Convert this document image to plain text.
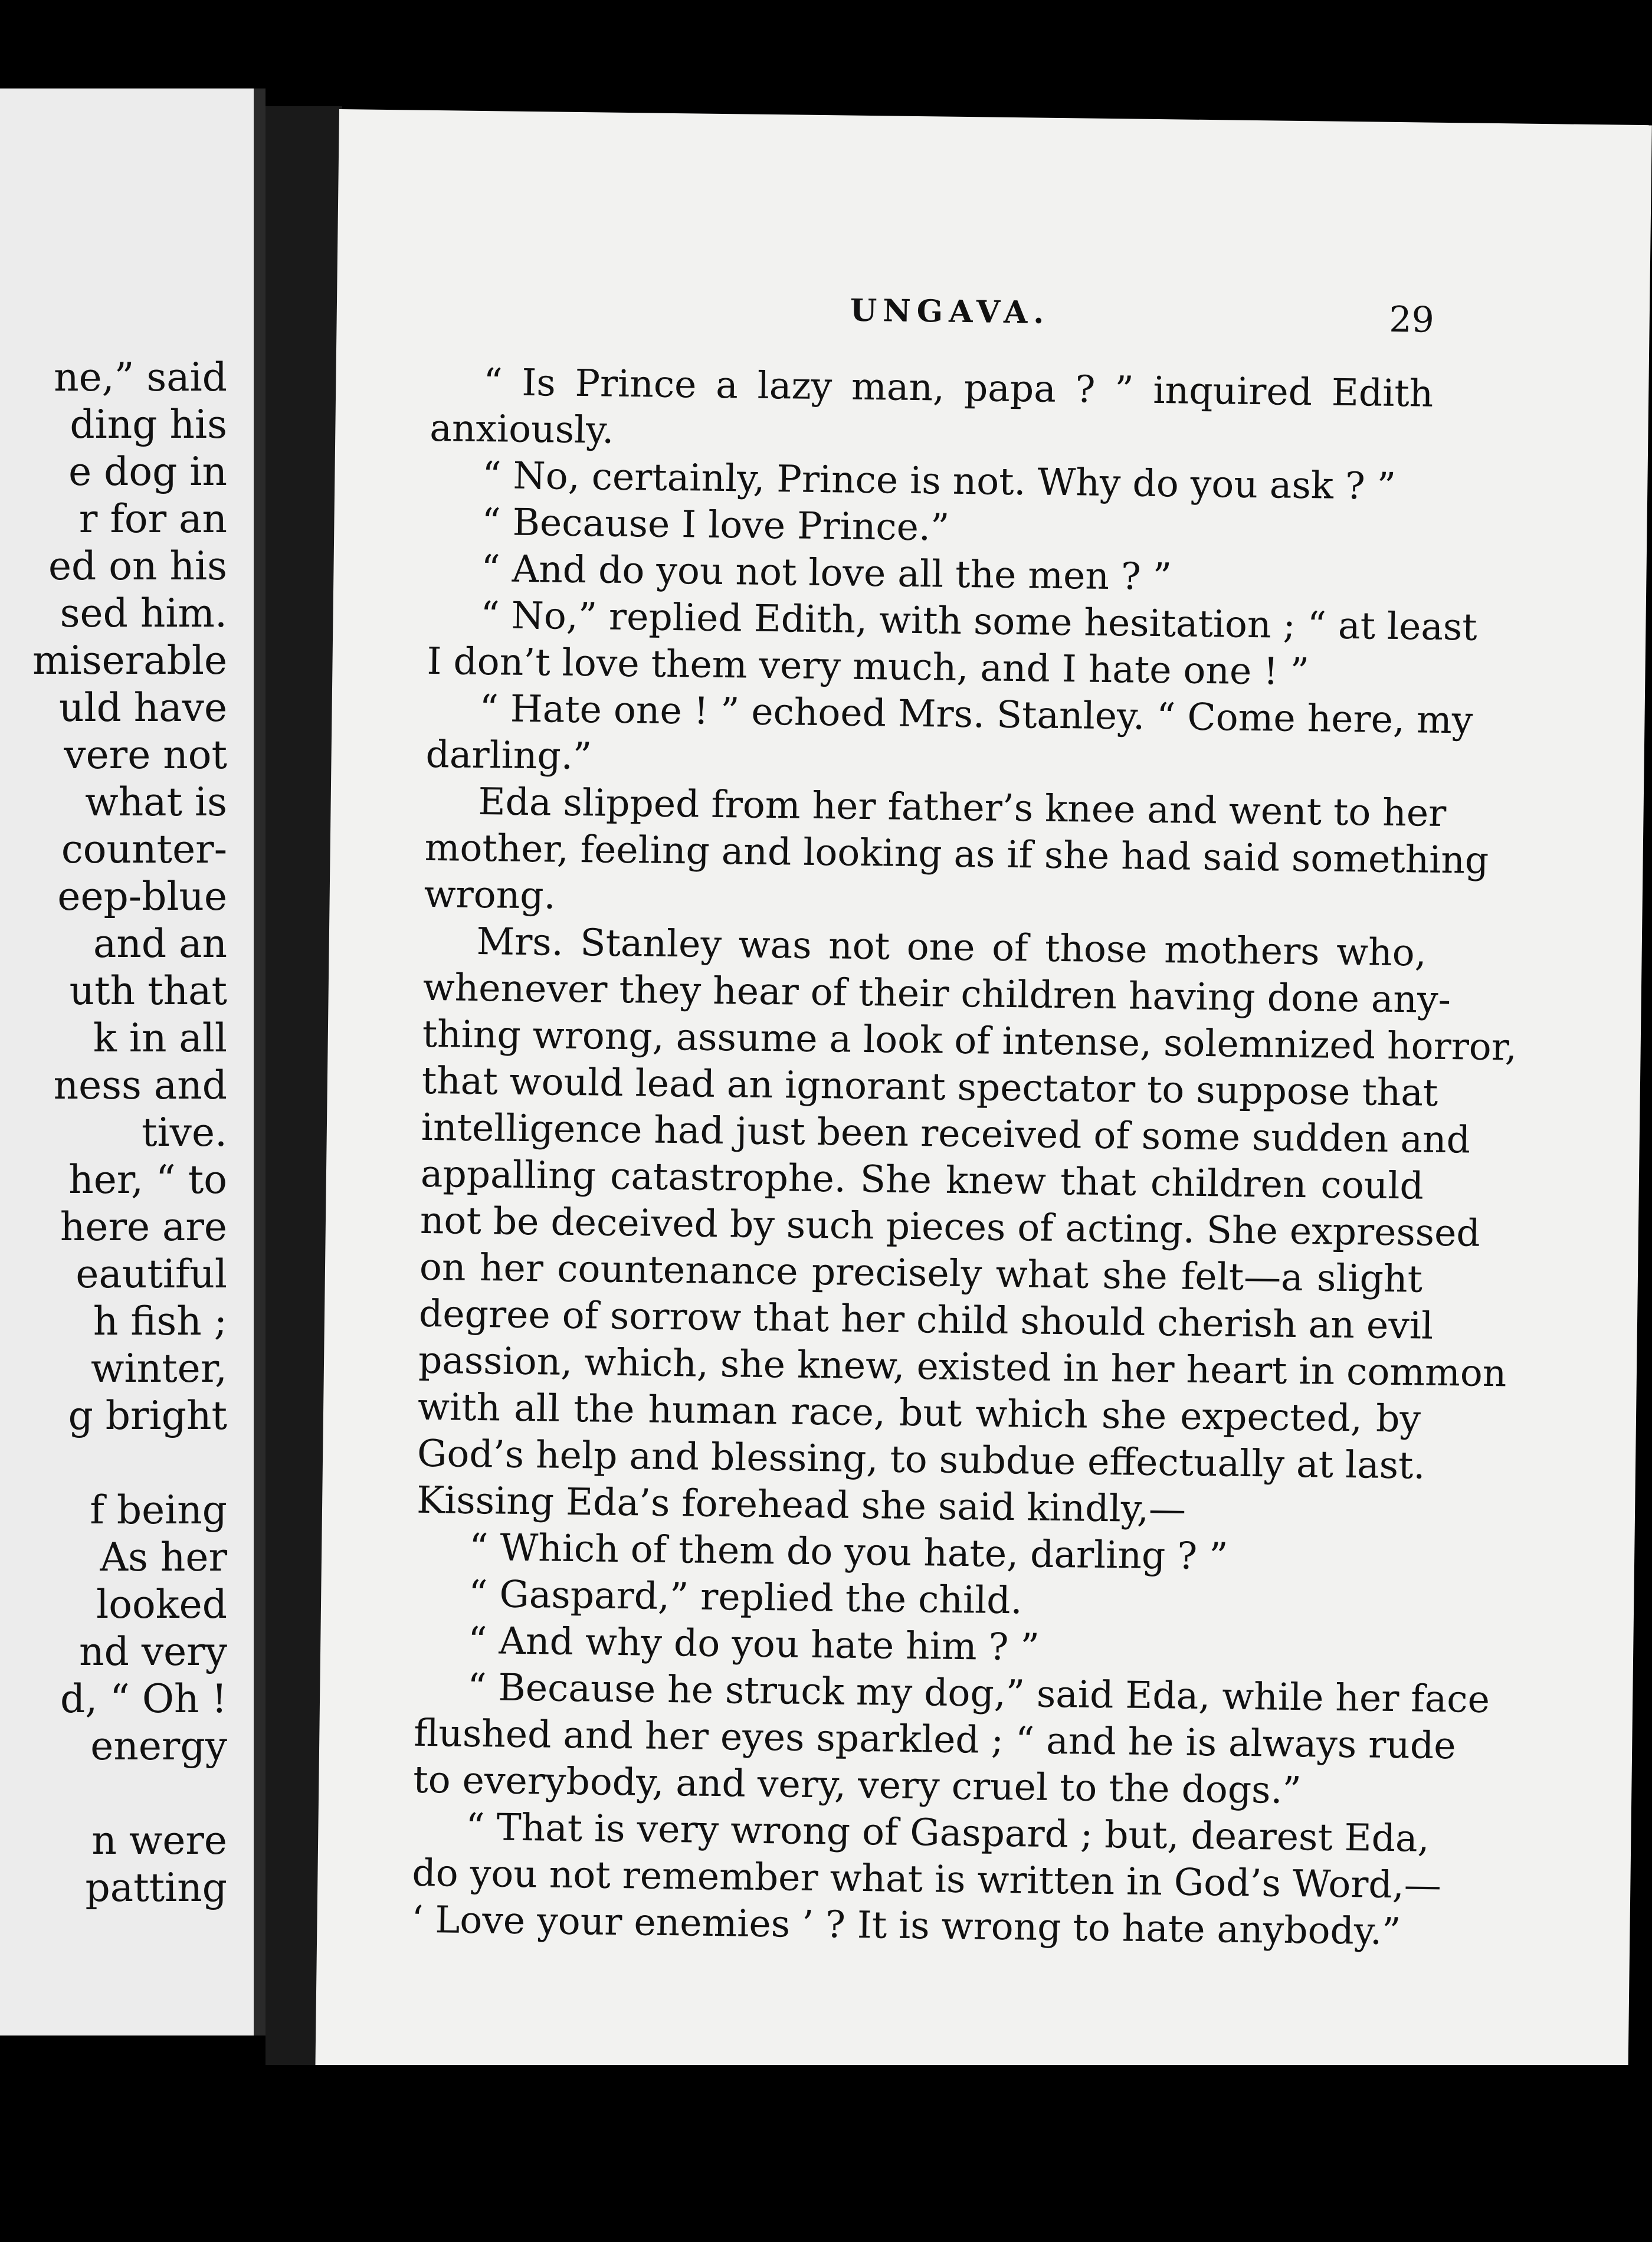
ne,” said

ding his

e dog in

r for an

ed on his

sed him.

miserable

uld have

vere not

what is

counter-

eep-blue

and an

uth that

k in all

ness and

tive.

her, “ to

here are

eautiful

h fish ;

winter,

g bright

f being

As her

looked

nd very

d, “ Oh !

energy

n were

patting

UNGAVA.	29

“ Is Prince a lazy man, papa ? ” inquired Edith

anxiously.

“ No, certainly, Prince is not. Why do you ask ? ”

“ Because I love Prince.”

“ And do you not love all the men ? ”

“ No,” replied Edith, with some hesitation ; “ at least

I don’t love them very much, and I hate one ! ”

“ Hate one ! ” echoed Mrs. Stanley. “ Come here, my

darling.”

Eda slipped from her father’s knee and went to her

mother, feeling and looking as if she had said something

wrong.

Mrs. Stanley was not one of those mothers who,

whenever they hear of their children having done any-

thing wrong, assume a look of intense, solemnized horror,

that would lead an ignorant spectator to suppose that

intelligence had just been received of some sudden and

appalling catastrophe. She knew that children could

not be deceived by such pieces of acting. She expressed

on her countenance precisely what she felt—a slight

degree of sorrow that her child should cherish an evil

passion, which, she knew, existed in her heart in common

with all the human race, but which she expected, by

God’s help and blessing, to subdue effectually at last.

Kissing Eda’s forehead she said kindly,—

“ Which of them do you hate, darling ? ”

“ Gaspard,” replied the child.

“ And why do you hate him ? ”

“ Because he struck my dog,” said Eda, while her face

flushed and her eyes sparkled ; “ and he is always rude

to everybody, and very, very cruel to the dogs.”

“ That is very wrong of Gaspard ; but, dearest Eda,

do you not remember what is written in God’s Word,—

‘ Love your enemies ’ ? It is wrong to hate anybody.”
